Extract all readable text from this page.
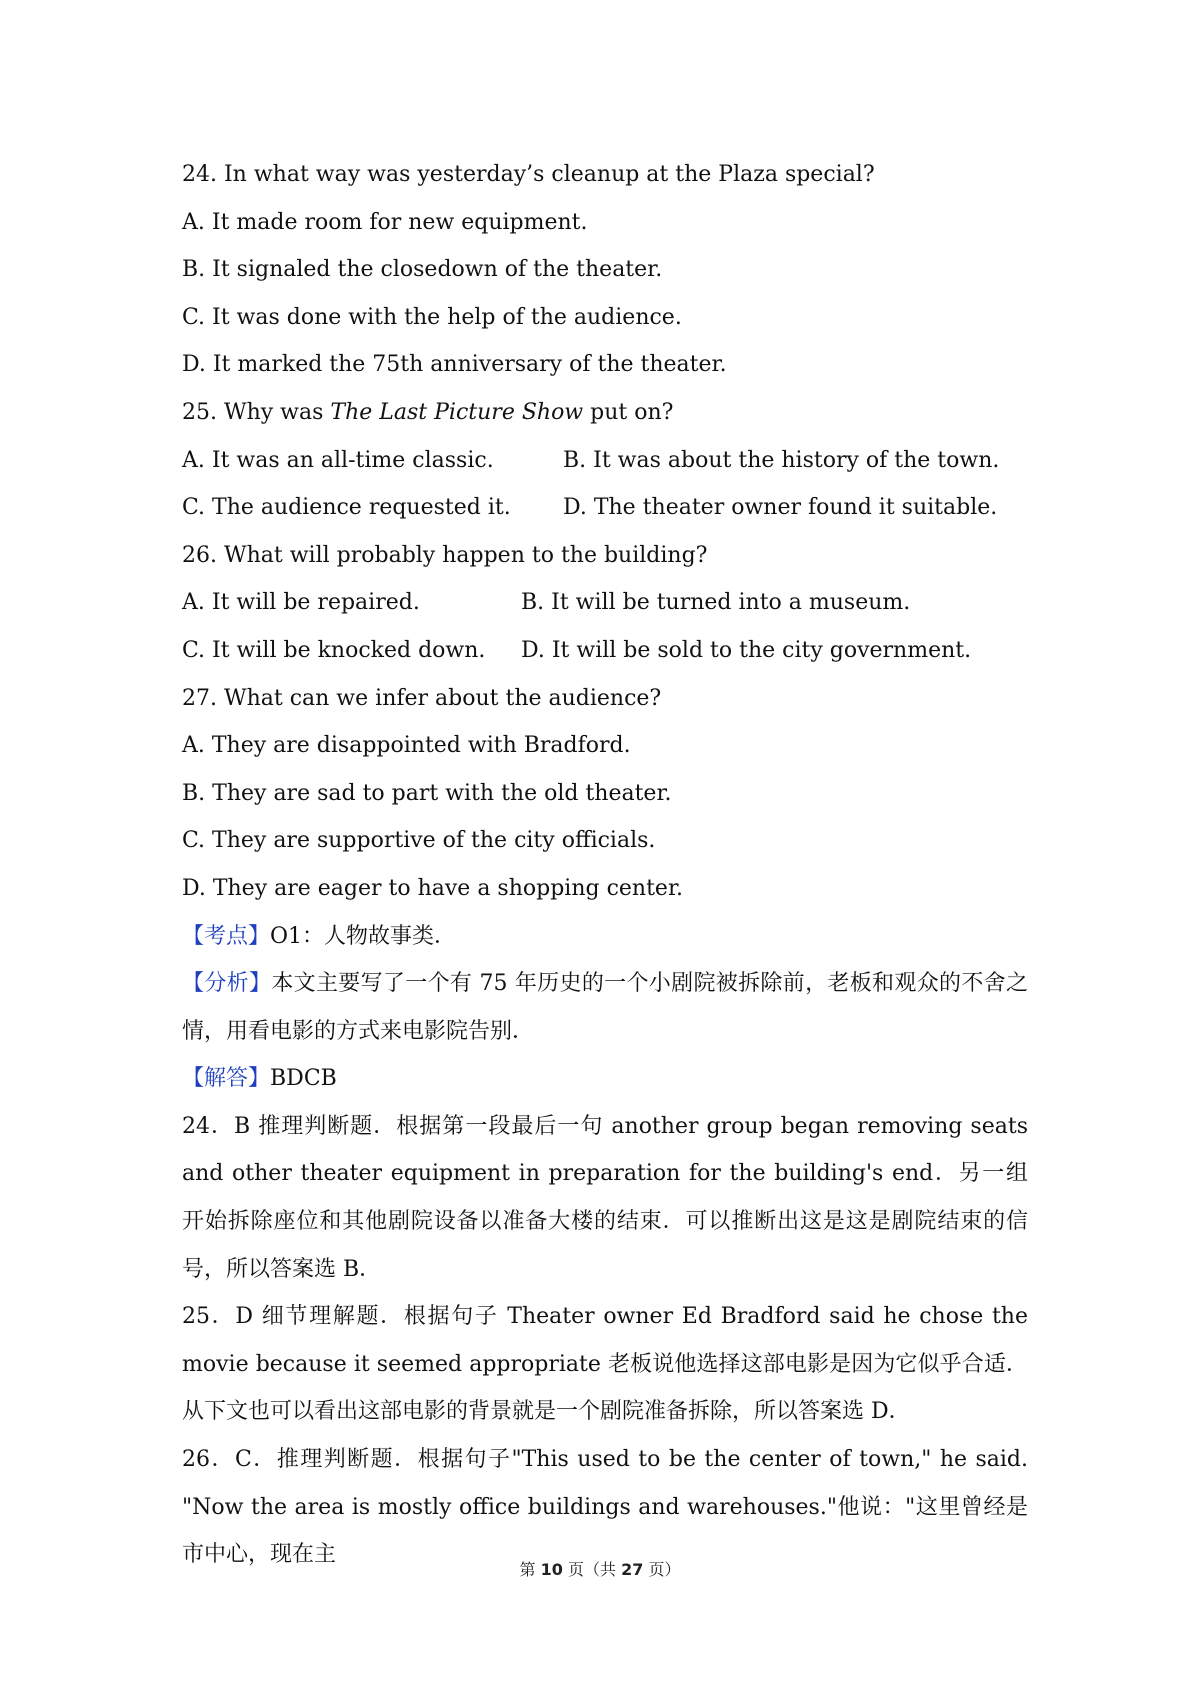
24. In what way was yesterday’s cleanup at the Plaza special?
A. It made room for new equipment.
B. It signaled the closedown of the theater.
C. It was done with the help of the audience.
D. It marked the 75th anniversary of the theater.
25. Why was The Last Picture Show put on?
A. It was an all-time classic.	B. It was about the history of the town.
C. The audience requested it.	D. The theater owner found it suitable.
26. What will probably happen to the building?
A. It will be repaired.	B. It will be turned into a museum.
C. It will be knocked down.	D. It will be sold to the city government.
27. What can we infer about the audience?
A. They are disappointed with Bradford.
B. They are sad to part with the old theater.
C. They are supportive of the city officials.
D. They are eager to have a shopping center.
【考点】O1：人物故事类．
【分析】本文主要写了一个有 75 年历史的一个小剧院被拆除前，老板和观众的不舍之情，用看电影的方式来电影院告别．
【解答】BDCB
24．B 推理判断题．根据第一段最后一句 another group began removing seats and other theater equipment in preparation for the building's end．另一组开始拆除座位和其他剧院设备以准备大楼的结束．可以推断出这是这是剧院结束的信号，所以答案选 B．
25．D 细节理解题．根据句子 Theater owner Ed Bradford said he chose the movie because it seemed appropriate 老板说他选择这部电影是因为它似乎合适．从下文也可以看出这部电影的背景就是一个剧院准备拆除，所以答案选 D．
26．C．推理判断题．根据句子"This used to be the center of town," he said. "Now the area is mostly office buildings and warehouses."他说："这里曾经是市中心，现在主
第 10 页（共 27 页）
